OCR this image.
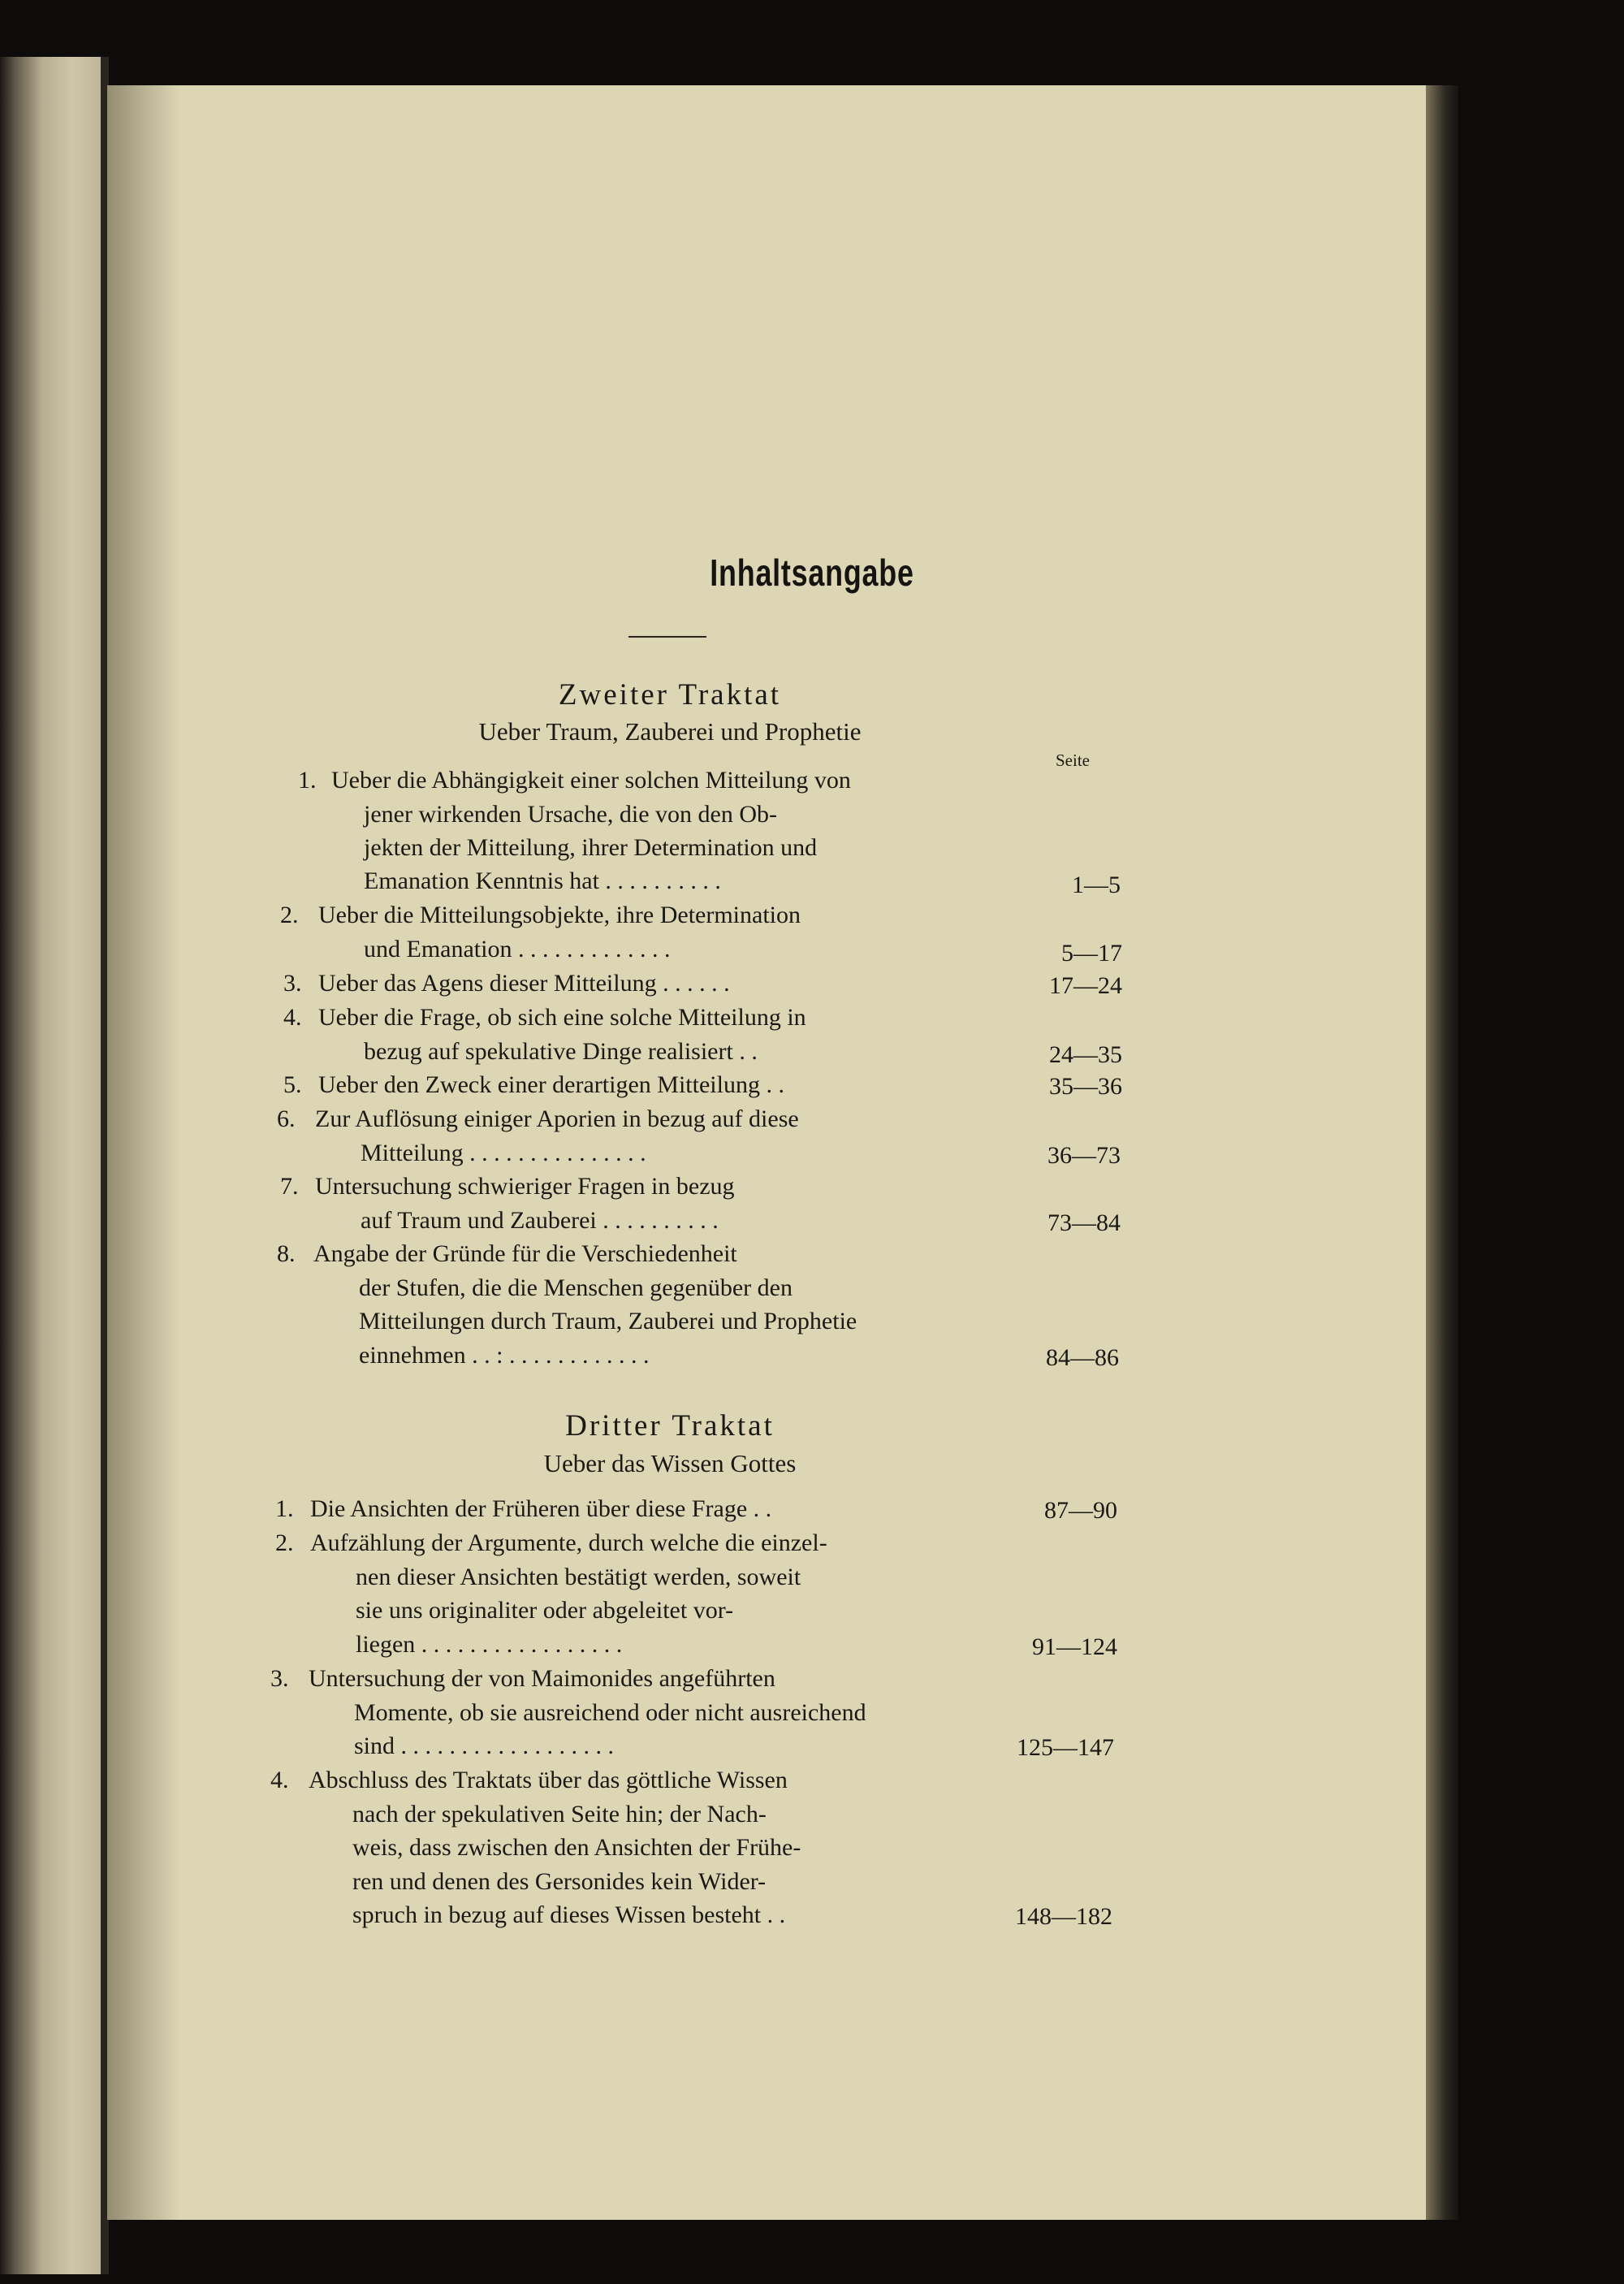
Inhaltsangabe
Zweiter Traktat
Ueber Traum, Zauberei und Prophetie
Seite
1. Ueber die Abhängigkeit einer solchen Mitteilung von
jener wirkenden Ursache, die von den Ob-
jekten der Mitteilung, ihrer Determination und
Emanation Kenntnis hat . . . . . . . . . .	1—5
2. Ueber die Mitteilungsobjekte, ihre Determination
und Emanation . . . . . . . . . . . . .	5—17
3. Ueber das Agens dieser Mitteilung . . . . . .	17—24
4. Ueber die Frage, ob sich eine solche Mitteilung in
bezug auf spekulative Dinge realisiert . .	24—35
5. Ueber den Zweck einer derartigen Mitteilung . .	35—36
6. Zur Auflösung einiger Aporien in bezug auf diese
Mitteilung . . . . . . . . . . . . . . .	36—73
7. Untersuchung schwieriger Fragen in bezug
auf Traum und Zauberei . . . . . . . . . .	73—84
8. Angabe der Gründe für die Verschiedenheit
der Stufen, die die Menschen gegenüber den
Mitteilungen durch Traum, Zauberei und Prophetie
einnehmen . . : . . . . . . . . . . . .	84—86
Dritter Traktat
Ueber das Wissen Gottes
1. Die Ansichten der Früheren über diese Frage . .	87—90
2. Aufzählung der Argumente, durch welche die einzel-
nen dieser Ansichten bestätigt werden, soweit
sie uns originaliter oder abgeleitet vor-
liegen . . . . . . . . . . . . . . . . .	91—124
3. Untersuchung der von Maimonides angeführten
Momente, ob sie ausreichend oder nicht ausreichend
sind . . . . . . . . . . . . . . . . . .	125—147
4. Abschluss des Traktats über das göttliche Wissen
nach der spekulativen Seite hin; der Nach-
weis, dass zwischen den Ansichten der Frühe-
ren und denen des Gersonides kein Wider-
spruch in bezug auf dieses Wissen besteht . .	148—182
